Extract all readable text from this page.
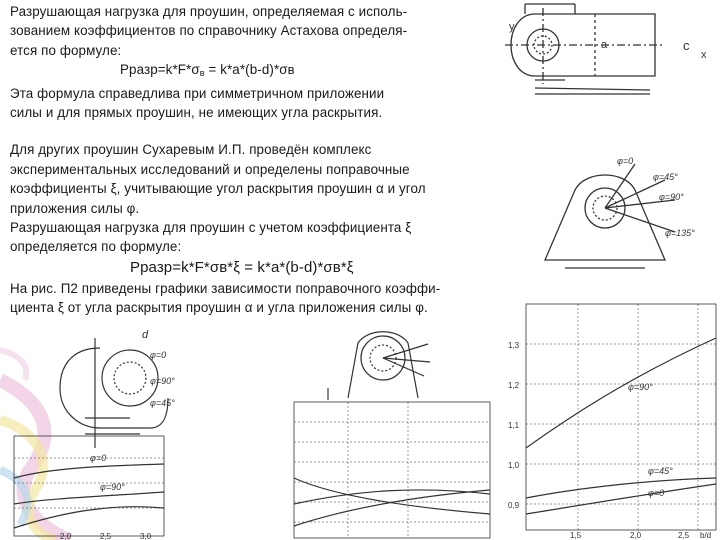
Разрушающая нагрузка для проушин, определяемая с исполь-

зованием коэффициентов по справочнику Астахова определя-

ется по формуле:

$Pразр=k*F*\sigma_в = k*a*(b-d)*\sigma в$

Эта формула справедлива при симметричном приложении

силы и для прямых проушин, не имеющих угла раскрытия.

Для других проушин Сухаревым И.П. проведён комплекс

экспериментальных исследований и определены поправочные

коэффициенты ξ, учитывающие угол раскрытия проушин α и угол

приложения силы φ.

Разрушающая нагрузка для проушин с учетом коэффициента ξ

определяется по формуле:

Pразр=k*F*σв*ξ = k*a*(b-d)*σв*ξ

На рис. П2 приведены графики зависимости поправочного коэффи-

циента ξ от угла раскрытия проушин α и угла приложения силы φ.

y
a	c
x
φ=0
φ=45°
φ=90°
φ=135°
d
φ=0
φ=90°
φ=45°
φ=0
φ=90°
2,0	2,5	3,0
φ=90°
φ=45°
φ=0
1,3
1,2
1,1
1,0
0,9
1,5	2,0	2,5 b/d
